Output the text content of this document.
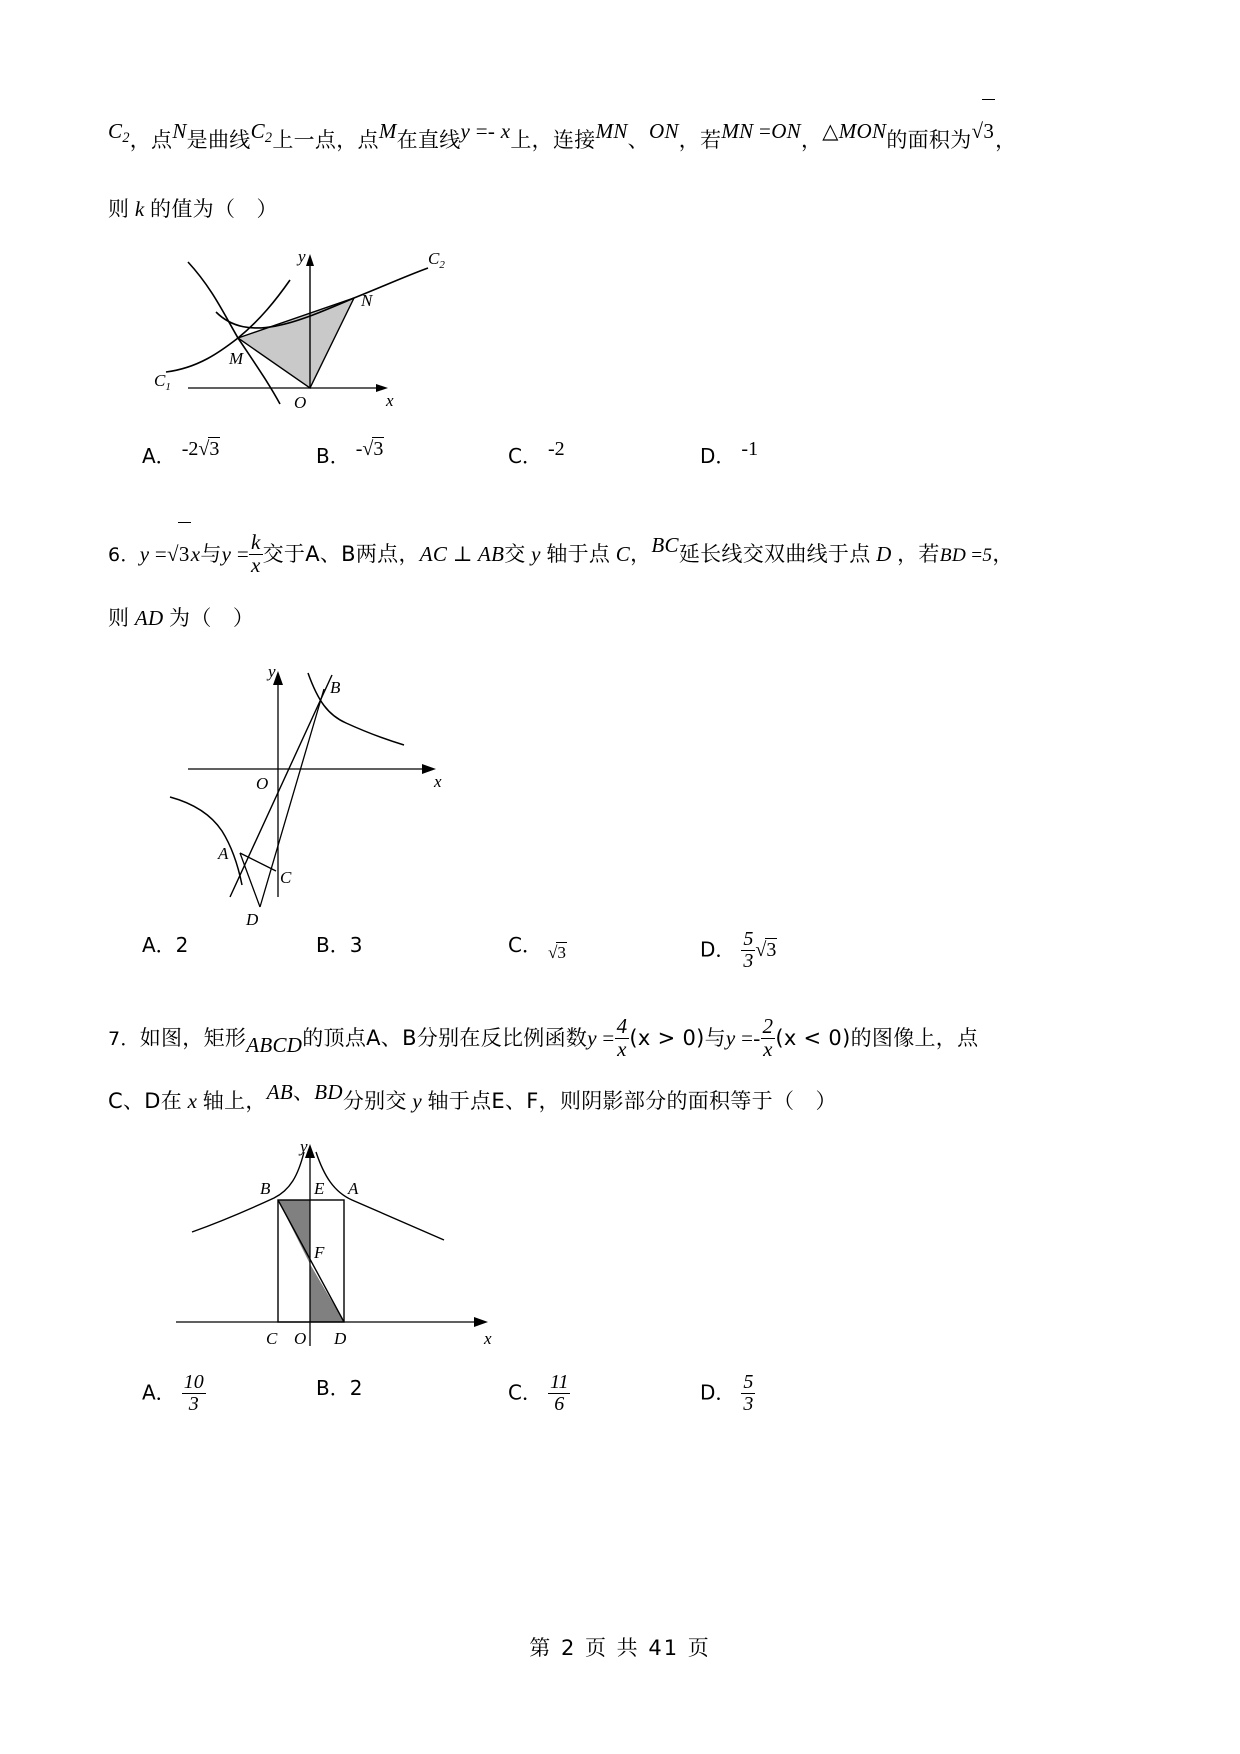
$C_2$，点N是曲线$C_2$上一点，点M在直线y =- x上，连接MN、ON，若MN =ON，△MON的面积为√3，
则 k 的值为（　）
$C_1$
$C_2$
M
N
y
x
O
A． -2√3	B． -√3	C． -2	D． -1
6．y =√3x与$y = \frac{k}{x}$ 交于A、B两点，AC ⊥ AB交 y 轴于点 C，BC延长线交双曲线于点 D ，若BD =5，
则 AD 为（　）
y
x
O
B
A
C
D
A．2	B．3	C． √3	D． $\frac{5}{3} √3$
7．如图，矩形ABCD的顶点A、B分别在反比例函数$y = \frac{4}{x} (x > 0)$与$y =- \frac{2}{x} (x < 0)$的图像上，点
C、D在 x 轴上，AB、BD分别交 y 轴于点E、F，则阴影部分的面积等于（　）
y
x
O
B	A
E
F
C	D
A． $\frac{10}{3}$	B．2	C． $\frac{11}{6}$	D． $\frac{5}{3}$
第 2 页 共 41 页
